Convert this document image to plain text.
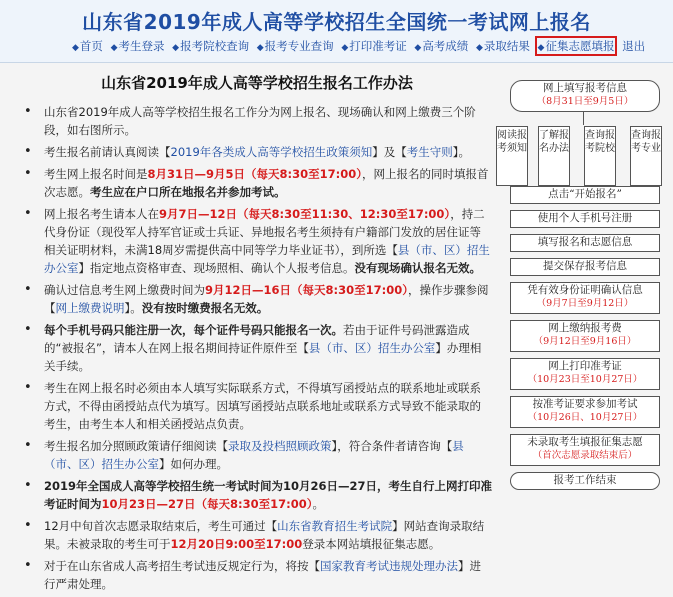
山东省2019年成人高等学校招生全国统一考试网上报名
◆首页 ◆考生登录 ◆报考院校查询 ◆报考专业查询 ◆打印准考证 ◆高考成绩 ◆录取结果 ◆征集志愿填报 退出
山东省2019年成人高等学校招生报名工作办法
• 山东省2019年成人高等学校招生报名工作分为网上报名、现场确认和网上缴费三个阶段，如右图所示。
• 考生报名前请认真阅读【2019年各类成人高等学校招生政策须知】及【考生守则】。
• 考生网上报名时间是8月31日—9月5日（每天8:30至17:00），网上报名的同时填报首次志愿。考生应在户口所在地报名并参加考试。
• 网上报名考生请本人在9月7日—12日（每天8:30至11:30、12:30至17:00），持二代身份证（现役军人持军官证或士兵证、异地报名考生须持有户籍部门发放的居住证等相关证明材料，未满18周岁需提供高中同等学力毕业证书），到所选【县（市、区）招生办公室】指定地点资格审查、现场照相、确认个人报考信息。没有现场确认报名无效。
• 确认过信息考生网上缴费时间为9月12日—16日（每天8:30至17:00），操作步骤参阅【网上缴费说明】。没有按时缴费报名无效。
• 每个手机号码只能注册一次，每个证件号码只能报名一次。若由于证件号码泄露造成的“被报名”，请本人在网上报名期间持证件原件至【县（市、区）招生办公室】办理相关手续。
• 考生在网上报名时必须由本人填写实际联系方式，不得填写函授站点的联系地址或联系方式，不得由函授站点代为填写。因填写函授站点联系地址或联系方式导致不能录取的考生，由考生本人和相关函授站点负责。
• 考生报名加分照顾政策请仔细阅读【录取及投档照顾政策】，符合条件者请咨询【县（市、区）招生办公室】如何办理。
• 2019年全国成人高等学校招生统一考试时间为10月26日—27日，考生自行上网打印准考证时间为10月23日—27日（每天8:30至17:00）。
• 12月中旬首次志愿录取结束后，考生可通过【山东省教育招生考试院】网站查询录取结果。未被录取的考生可于12月20日9:00至17:00登录本网站填报征集志愿。
• 对于在山东省成人高考招生考试违反规定行为，将按【国家教育考试违规处理办法】进行严肃处理。
网上填写报考信息
（8月31日至9月5日）
阅读报考须知
了解报名办法
查询报考院校
查询报考专业
点击“开始报名”
使用个人手机号注册
填写报名和志愿信息
提交保存报考信息
凭有效身份证明确认信息
（9月7日至9月12日）
网上缴纳报考费
（9月12日至9月16日）
网上打印准考证
（10月23日至10月27日）
按准考证要求参加考试
（10月26日、10月27日）
未录取考生填报征集志愿
（首次志愿录取结束后）
报考工作结束
